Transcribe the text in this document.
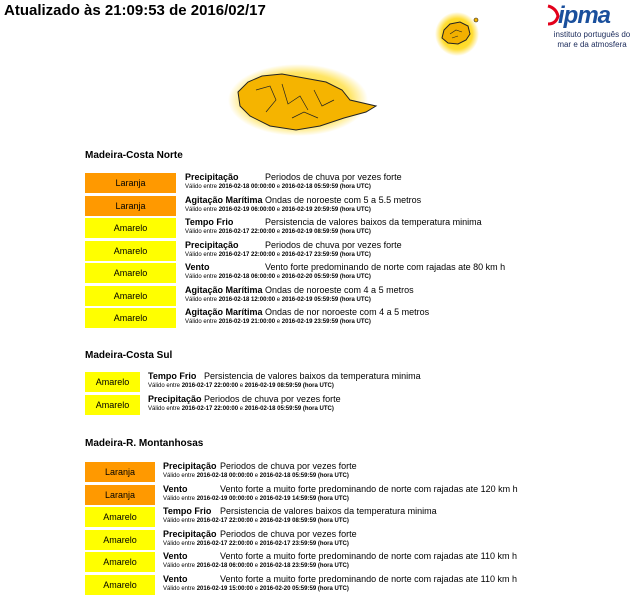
Atualizado às 21:09:53 de 2016/02/17	ipma
instituto português do
mar e da atmosfera
Madeira-Costa Norte
Laranja
Precipitação	Periodos de chuva por vezes forte
Válido entre 2016-02-18 00:00:00 e 2016-02-18 05:59:59 (hora UTC)
Laranja
Agitação Marítima Ondas de noroeste com 5 a 5.5 metros
Válido entre 2016-02-19 06:00:00 e 2016-02-19 20:59:59 (hora UTC)
Amarelo
Tempo Frio	Persistencia de valores baixos da temperatura minima
Válido entre 2016-02-17 22:00:00 e 2016-02-19 08:59:59 (hora UTC)
Amarelo
Precipitação	Periodos de chuva por vezes forte
Válido entre 2016-02-17 22:00:00 e 2016-02-17 23:59:59 (hora UTC)
Amarelo
Vento	Vento forte predominando de norte com rajadas ate 80 km h
Válido entre 2016-02-18 06:00:00 e 2016-02-20 05:59:59 (hora UTC)
Amarelo
Agitação Marítima Ondas de noroeste com 4 a 5 metros
Válido entre 2016-02-18 12:00:00 e 2016-02-19 05:59:59 (hora UTC)
Amarelo
Agitação Marítima Ondas de nor noroeste com 4 a 5 metros
Válido entre 2016-02-19 21:00:00 e 2016-02-19 23:59:59 (hora UTC)
Madeira-Costa Sul
Amarelo
Tempo Frio Persistencia de valores baixos da temperatura minima
Válido entre 2016-02-17 22:00:00 e 2016-02-19 08:59:59 (hora UTC)
Amarelo
Precipitação Periodos de chuva por vezes forte
Válido entre 2016-02-17 22:00:00 e 2016-02-18 05:59:59 (hora UTC)
Madeira-R. Montanhosas
Laranja
Precipitação Periodos de chuva por vezes forte
Válido entre 2016-02-18 00:00:00 e 2016-02-18 05:59:59 (hora UTC)
Laranja
Vento	Vento forte a muito forte predominando de norte com rajadas ate 120 km h
Válido entre 2016-02-19 00:00:00 e 2016-02-19 14:59:59 (hora UTC)
Amarelo
Tempo Frio Persistencia de valores baixos da temperatura minima
Válido entre 2016-02-17 22:00:00 e 2016-02-19 08:59:59 (hora UTC)
Amarelo
Precipitação Periodos de chuva por vezes forte
Válido entre 2016-02-17 22:00:00 e 2016-02-17 23:59:59 (hora UTC)
Amarelo
Vento	Vento forte a muito forte predominando de norte com rajadas ate 110 km h
Válido entre 2016-02-18 06:00:00 e 2016-02-18 23:59:59 (hora UTC)
Amarelo
Vento	Vento forte a muito forte predominando de norte com rajadas ate 110 km h
Válido entre 2016-02-19 15:00:00 e 2016-02-20 05:59:59 (hora UTC)
